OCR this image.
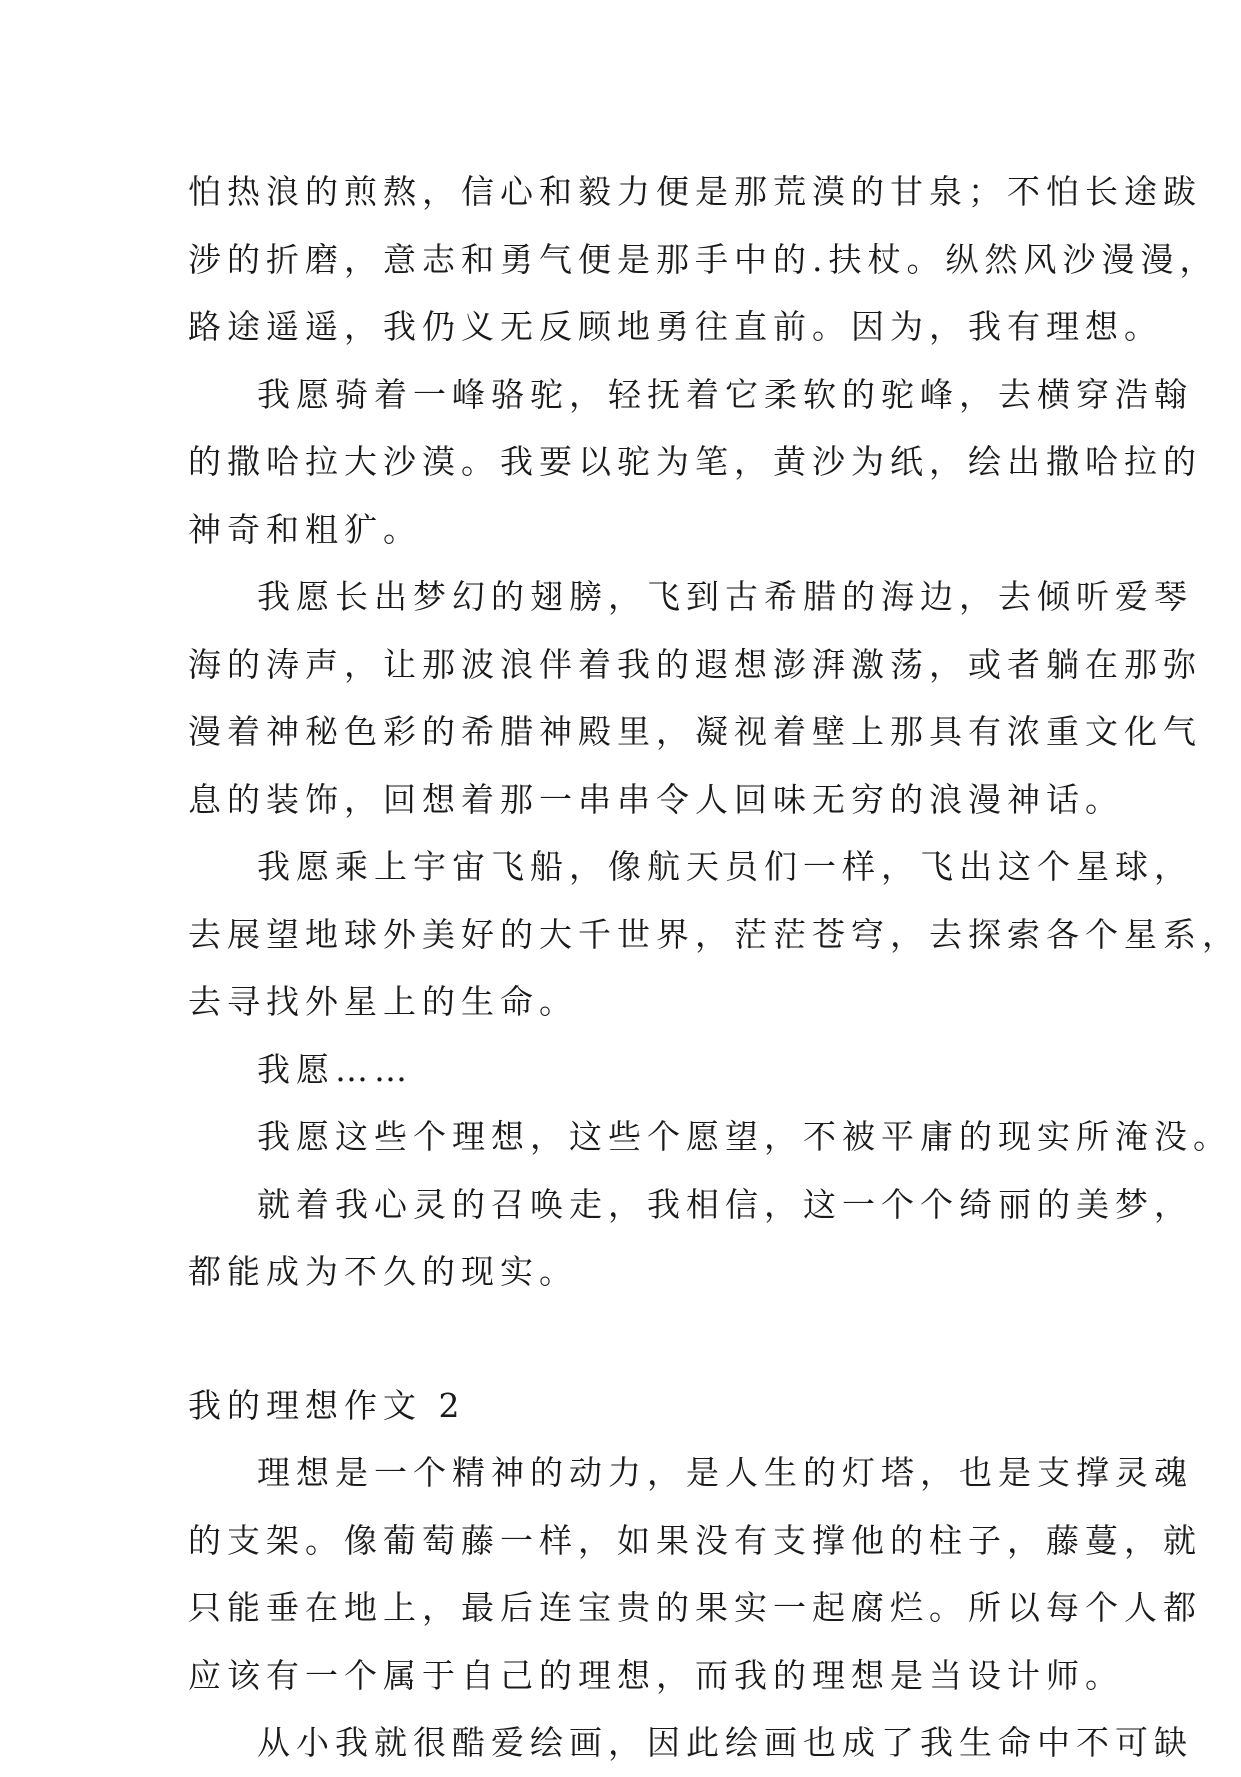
怕热浪的煎熬，信心和毅力便是那荒漠的甘泉；不怕长途跋

涉的折磨，意志和勇气便是那手中的.扶杖。纵然风沙漫漫，

路途遥遥，我仍义无反顾地勇往直前。因为，我有理想。

我愿骑着一峰骆驼，轻抚着它柔软的驼峰，去横穿浩翰

的撒哈拉大沙漠。我要以驼为笔，黄沙为纸，绘出撒哈拉的

神奇和粗犷。

我愿长出梦幻的翅膀，飞到古希腊的海边，去倾听爱琴

海的涛声，让那波浪伴着我的遐想澎湃激荡，或者躺在那弥

漫着神秘色彩的希腊神殿里，凝视着壁上那具有浓重文化气

息的装饰，回想着那一串串令人回味无穷的浪漫神话。

我愿乘上宇宙飞船，像航天员们一样，飞出这个星球，

去展望地球外美好的大千世界，茫茫苍穹，去探索各个星系，

去寻找外星上的生命。

我愿……

我愿这些个理想，这些个愿望，不被平庸的现实所淹没。

就着我心灵的召唤走，我相信，这一个个绮丽的美梦，

都能成为不久的现实。

我的理想作文 2

理想是一个精神的动力，是人生的灯塔，也是支撑灵魂

的支架。像葡萄藤一样，如果没有支撑他的柱子，藤蔓，就

只能垂在地上，最后连宝贵的果实一起腐烂。所以每个人都

应该有一个属于自己的理想，而我的理想是当设计师。

从小我就很酷爱绘画，因此绘画也成了我生命中不可缺
